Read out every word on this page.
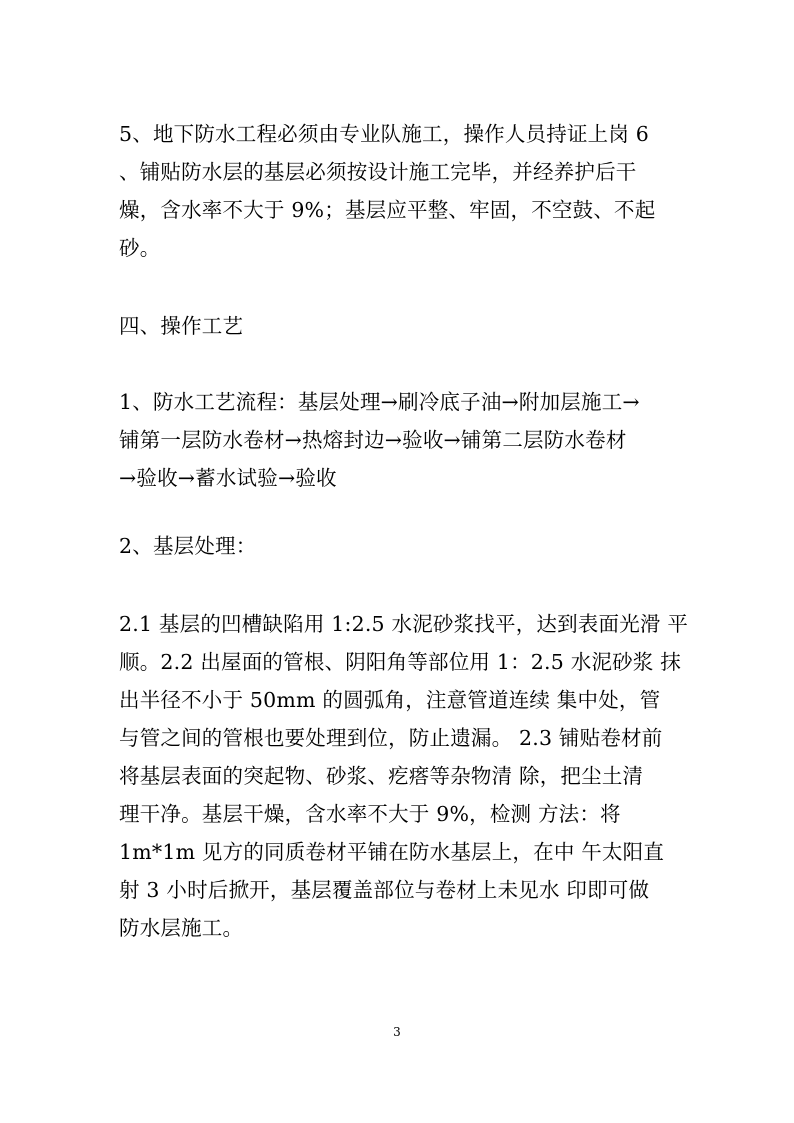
5、地下防水工程必须由专业队施工，操作人员持证上岗 6
、铺贴防水层的基层必须按设计施工完毕，并经养护后干
燥，含水率不大于 9%；基层应平整、牢固，不空鼓、不起
砂。

四、操作工艺

1、防水工艺流程：基层处理→刷冷底子油→附加层施工→
铺第一层防水卷材→热熔封边→验收→铺第二层防水卷材
→验收→蓄水试验→验收

2、基层处理：

2.1 基层的凹槽缺陷用 1:2.5 水泥砂浆找平，达到表面光滑 平
顺。2.2 出屋面的管根、阴阳角等部位用 1：2.5 水泥砂浆 抹
出半径不小于 50mm 的圆弧角，注意管道连续 集中处，管
与管之间的管根也要处理到位，防止遗漏。 2.3 铺贴卷材前
将基层表面的突起物、砂浆、疙瘩等杂物清 除，把尘土清
理干净。基层干燥，含水率不大于 9%，检测 方法：将
1m*1m 见方的同质卷材平铺在防水基层上，在中 午太阳直
射 3 小时后掀开，基层覆盖部位与卷材上未见水 印即可做
防水层施工。

3
